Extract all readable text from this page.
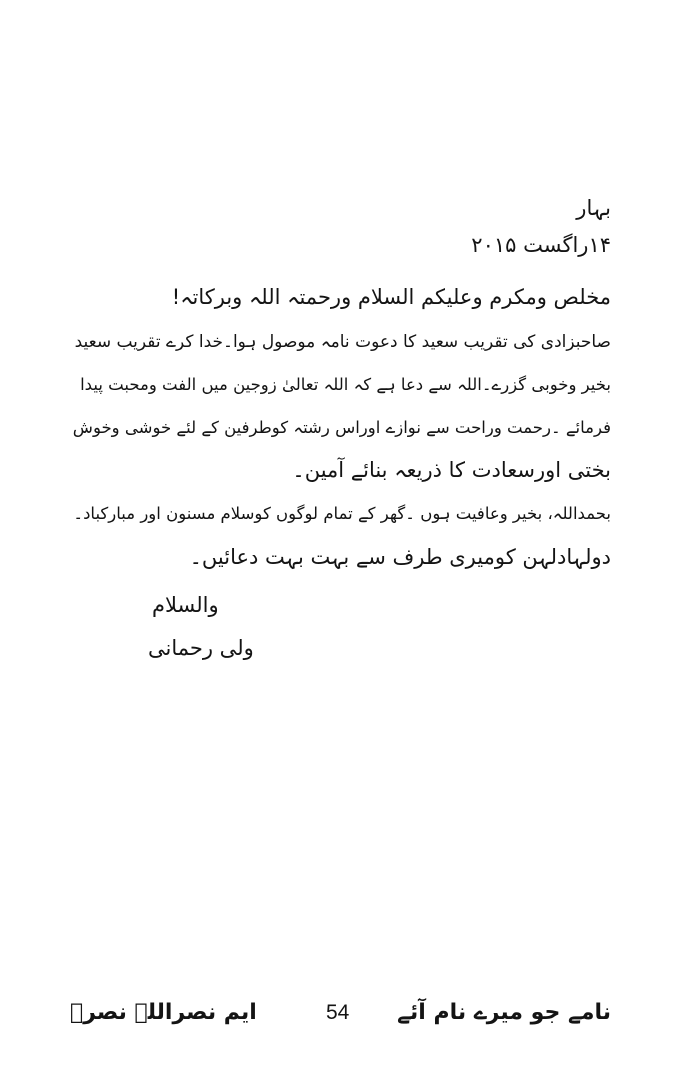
بہار
۱۴راگست ۲۰۱۵
مخلص ومکرم وعلیکم السلام ورحمتہ اللہ وبرکاتہ!
صاحبزادی کی تقریب سعید کا دعوت نامہ موصول ہوا۔خدا کرے تقریب سعید
بخیر وخوبی گزرے۔اللہ سے دعا ہے کہ اللہ تعالیٰ زوجین میں الفت ومحبت پیدا
فرمائے ۔رحمت وراحت سے نوازے اوراس رشتہ کوطرفین کے لئے خوشی وخوش
بختی اورسعادت کا ذریعہ بنائے آمین۔
بحمداللہ، بخیر وعافیت ہوں ۔گھر کے تمام لوگوں کوسلام مسنون اور مبارکباد۔
دولہادلہن کومیری طرف سے بہت بہت دعائیں۔
والسلام
ولی رحمانی
ایم نصراللہ نصرؔ	54 نامے جو میرے نام آئے
